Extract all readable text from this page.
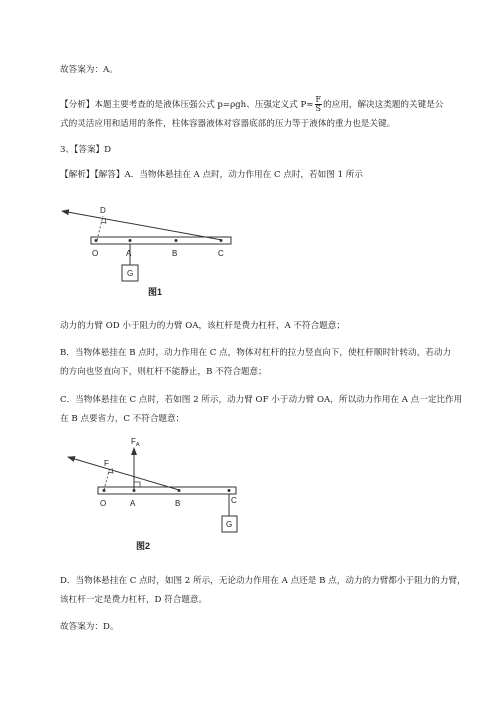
故答案为：A。
【分析】本题主要考查的是液体压强公式 p=ρgh、压强定义式 $P\approx \frac{F}{S}$ 的应用，解决这类题的关键是公
式的灵活应用和适用的条件，柱体容器液体对容器底部的压力等于液体的重力也是关键。
3、【答案】D
【解析】【解答】A．当物体悬挂在 A 点时，动力作用在 C 点时，若如图 1 所示
D
O	A	B	C
G
图1
动力的力臂 OD 小于阻力的力臂 OA，该杠杆是费力杠杆，A 不符合题意；
B．当物体悬挂在 B 点时，动力作用在 C 点，物体对杠杆的拉力竖直向下，使杠杆顺时针转动，若动力
的方向也竖直向下，则杠杆不能静止，B 不符合题意；
C．当物体悬挂在 C 点时，若如图 2 所示，动力臂 OF 小于动力臂 OA，所以动力作用在 A 点一定比作用
在 B 点要省力，C 不符合题意；
F
$F_A$
O	A	B	C
G
图2
D．当物体悬挂在 C 点时，如图 2 所示，无论动力作用在 A 点还是 B 点，动力的力臂都小于阻力的力臂，
该杠杆一定是费力杠杆，D 符合题意。
故答案为：D。
